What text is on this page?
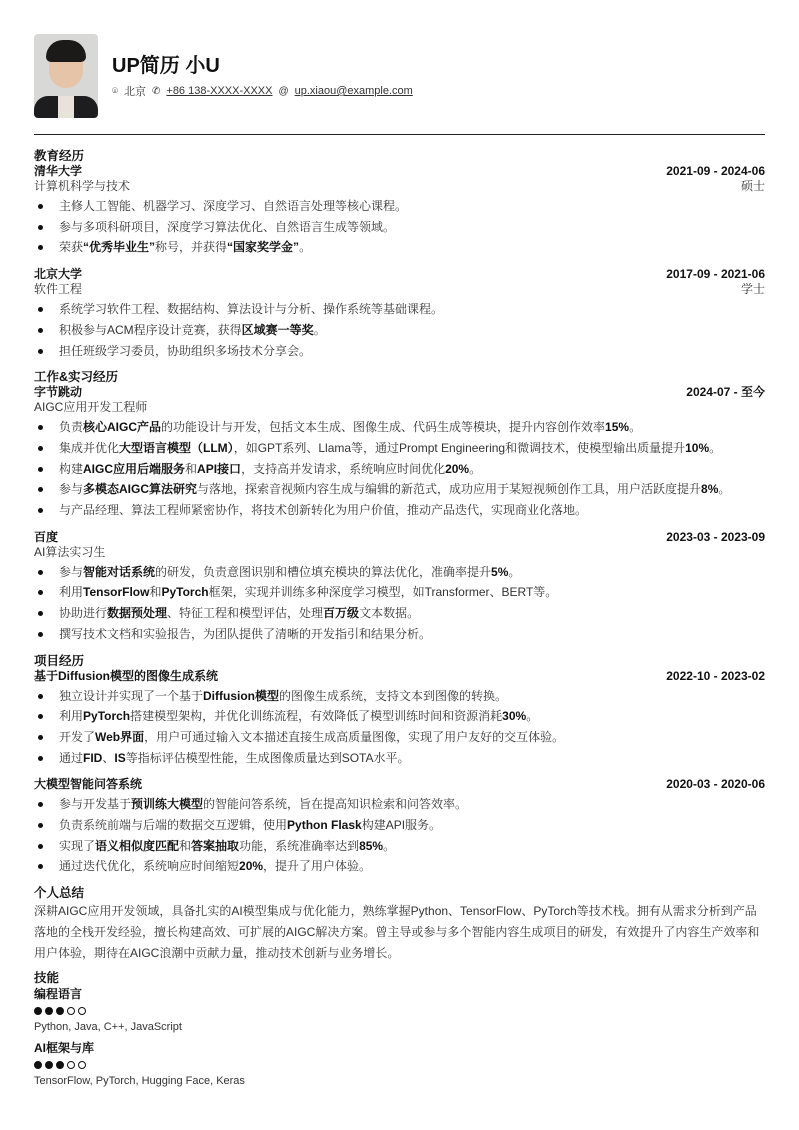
UP简历 小U
⌾ 北京 ✆ +86 138-XXXX-XXXX @ up.xiaou@example.com
教育经历
清华大学	2021-09 - 2024-06
计算机科学与技术	硕士
主修人工智能、机器学习、深度学习、自然语言处理等核心课程。
参与多项科研项目，深度学习算法优化、自然语言生成等领域。
荣获“优秀毕业生”称号，并获得“国家奖学金”。
北京大学	2017-09 - 2021-06
软件工程	学士
系统学习软件工程、数据结构、算法设计与分析、操作系统等基础课程。
积极参与ACM程序设计竞赛，获得区域赛一等奖。
担任班级学习委员，协助组织多场技术分享会。
工作&实习经历
字节跳动	2024-07 - 至今
AIGC应用开发工程师
负责核心AIGC产品的功能设计与开发，包括文本生成、图像生成、代码生成等模块，提升内容创作效率15%。
集成并优化大型语言模型（LLM），如GPT系列、Llama等，通过Prompt Engineering和微调技术，使模型输出质量提升10%。
构建AIGC应用后端服务和API接口，支持高并发请求，系统响应时间优化20%。
参与多模态AIGC算法研究与落地，探索音视频内容生成与编辑的新范式，成功应用于某短视频创作工具，用户活跃度提升8%。
与产品经理、算法工程师紧密协作，将技术创新转化为用户价值，推动产品迭代，实现商业化落地。
百度	2023-03 - 2023-09
AI算法实习生
参与智能对话系统的研发，负责意图识别和槽位填充模块的算法优化，准确率提升5%。
利用TensorFlow和PyTorch框架，实现并训练多种深度学习模型，如Transformer、BERT等。
协助进行数据预处理、特征工程和模型评估，处理百万级文本数据。
撰写技术文档和实验报告，为团队提供了清晰的开发指引和结果分析。
项目经历
基于Diffusion模型的图像生成系统	2022-10 - 2023-02
独立设计并实现了一个基于Diffusion模型的图像生成系统，支持文本到图像的转换。
利用PyTorch搭建模型架构，并优化训练流程，有效降低了模型训练时间和资源消耗30%。
开发了Web界面，用户可通过输入文本描述直接生成高质量图像，实现了用户友好的交互体验。
通过FID、IS等指标评估模型性能，生成图像质量达到SOTA水平。
大模型智能问答系统	2020-03 - 2020-06
参与开发基于预训练大模型的智能问答系统，旨在提高知识检索和问答效率。
负责系统前端与后端的数据交互逻辑，使用Python Flask构建API服务。
实现了语义相似度匹配和答案抽取功能，系统准确率达到85%。
通过迭代优化，系统响应时间缩短20%，提升了用户体验。
个人总结
深耕AIGC应用开发领域，具备扎实的AI模型集成与优化能力，熟练掌握Python、TensorFlow、PyTorch等技术栈。拥有从需求分析到产品落地的全栈开发经验，擅长构建高效、可扩展的AIGC解决方案。曾主导或参与多个智能内容生成项目的研发，有效提升了内容生产效率和用户体验，期待在AIGC浪潮中贡献力量，推动技术创新与业务增长。
技能
编程语言
Python, Java, C++, JavaScript
AI框架与库
TensorFlow, PyTorch, Hugging Face, Keras
